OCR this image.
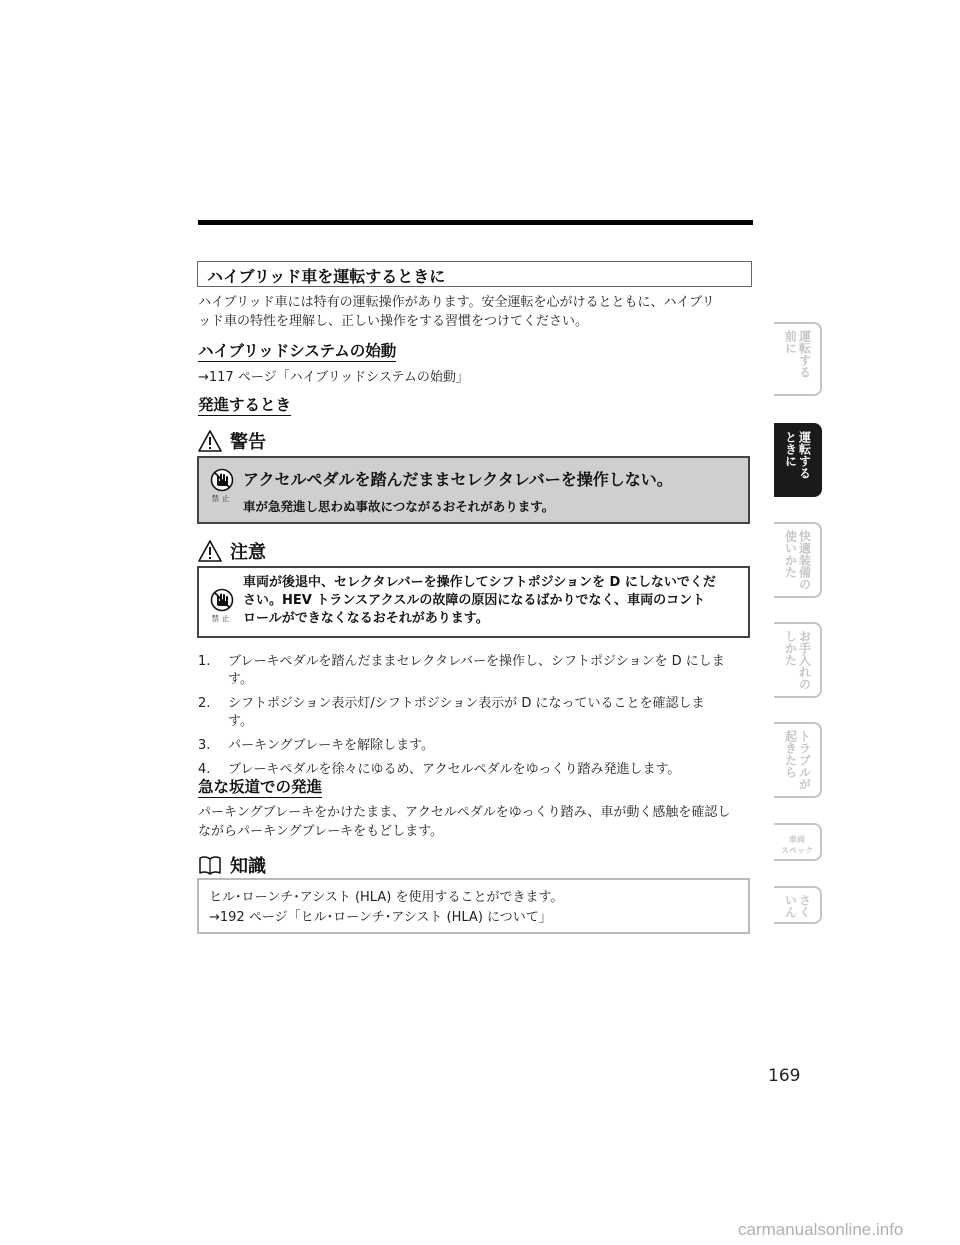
ハイブリッド車を運転するときに
ハイブリッド車には特有の運転操作があります。安全運転を心がけるとともに、ハイブリ
ッド車の特性を理解し、正しい操作をする習慣をつけてください。
ハイブリッドシステムの始動
→117 ページ「ハイブリッドシステムの始動」
発進するとき
警告
禁止
アクセルペダルを踏んだままセレクタレバーを操作しない。
車が急発進し思わぬ事故につながるおそれがあります。
注意
禁止
車両が後退中、セレクタレバーを操作してシフトポジションを D にしないでくだ
さい。HEV トランスアクスルの故障の原因になるばかりでなく、車両のコント
ロールができなくなるおそれがあります。
1.	ブレーキペダルを踏んだままセレクタレバーを操作し、シフトポジションを D にしま
す。
2.	シフトポジション表示灯/シフトポジション表示が D になっていることを確認しま
す。
3.	パーキングブレーキを解除します。
4.	ブレーキペダルを徐々にゆるめ、アクセルペダルをゆっくり踏み発進します。
急な坂道での発進
パーキングブレーキをかけたまま、アクセルペダルをゆっくり踏み、車が動く感触を確認し
ながらパーキングブレーキをもどします。
知識
ヒル･ローンチ･アシスト (HLA) を使用することができます。
→192 ページ「ヒル･ローンチ･アシスト (HLA) について」
運転する
前に
運転する
ときに
快適装備の
使いかた
お手入れの
しかた
トラブルが
起きたら
車両
スペック
さく
いん
169
carmanualsonline.info
